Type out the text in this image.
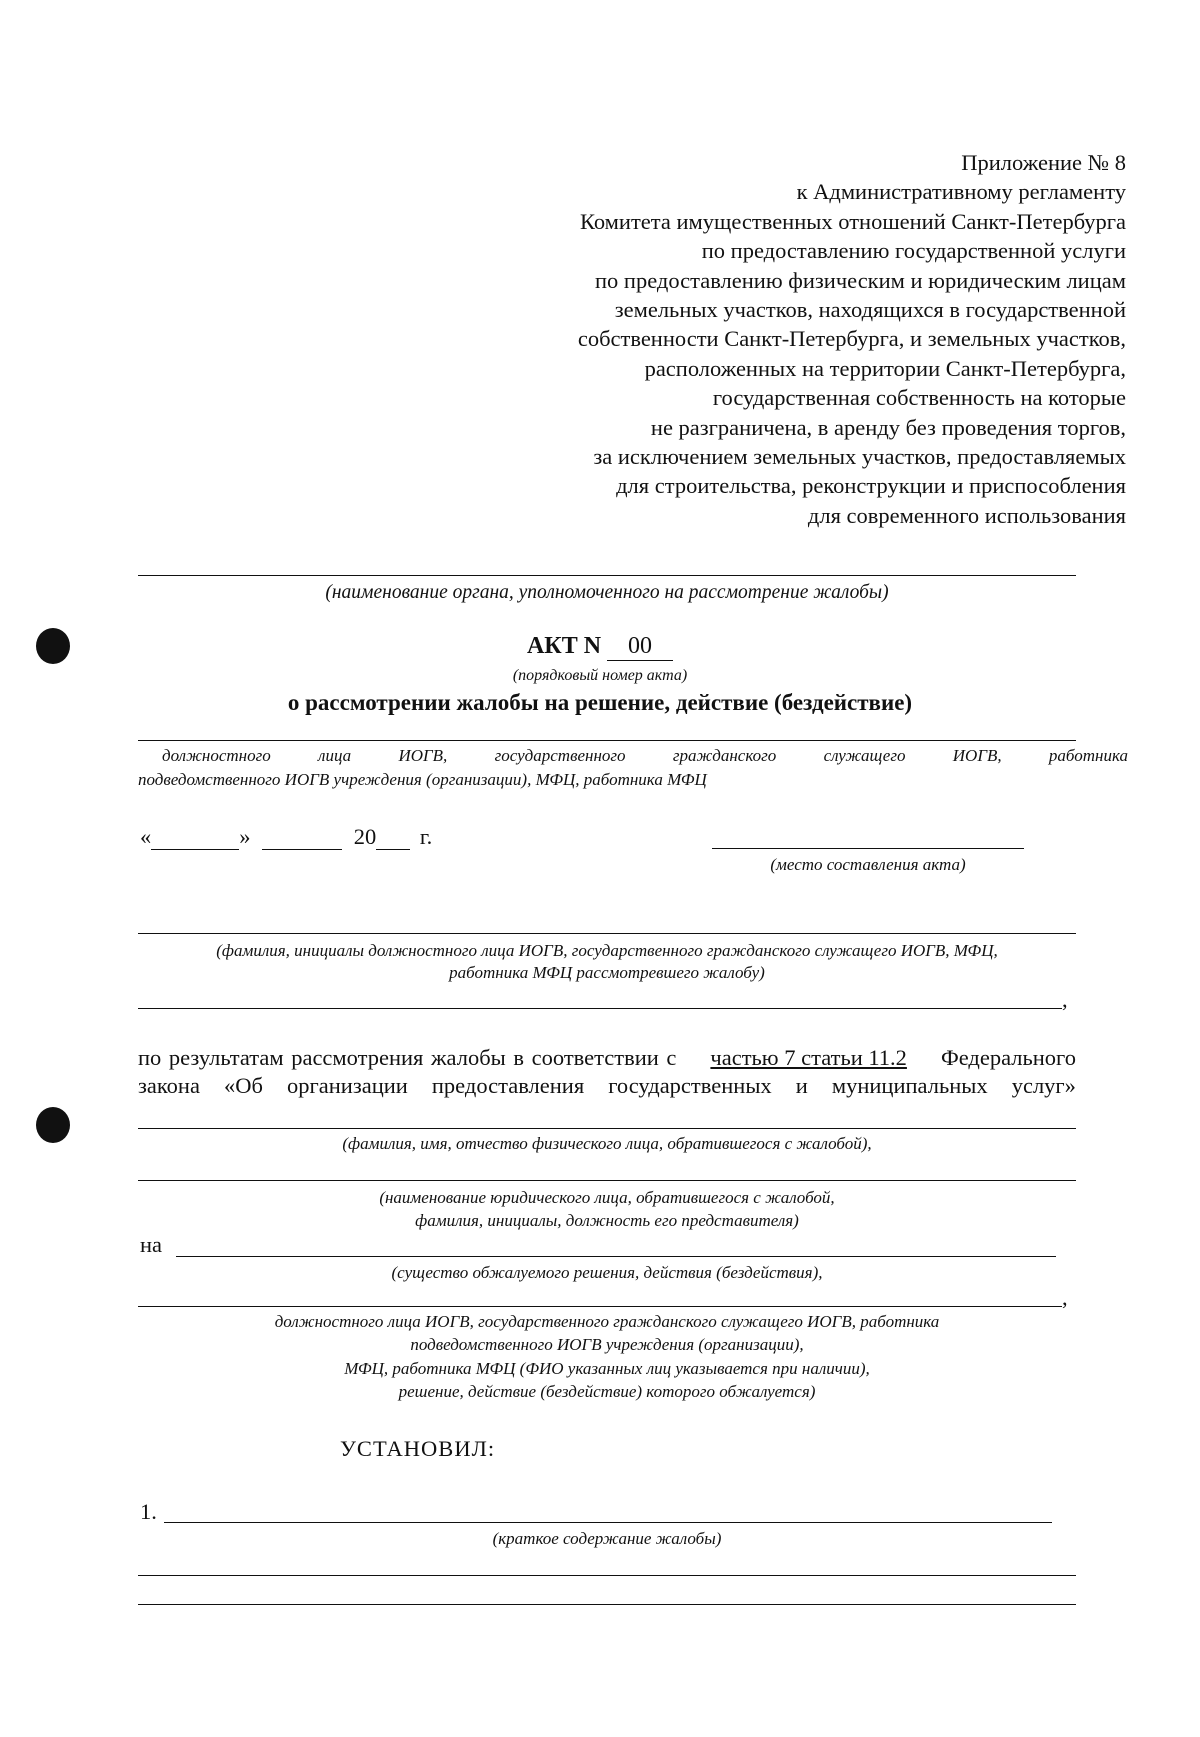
Приложение № 8
к Административному регламенту
Комитета имущественных отношений Санкт-Петербурга
по предоставлению государственной услуги
по предоставлению физическим и юридическим лицам
земельных участков, находящихся в государственной
собственности Санкт-Петербурга, и земельных участков,
расположенных на территории Санкт-Петербурга,
государственная собственность на которые
не разграничена, в аренду без проведения торгов,
за исключением земельных участков, предоставляемых
для строительства, реконструкции и приспособления
для современного использования
(наименование органа, уполномоченного на рассмотрение жалобы)
АКТ N 00
(порядковый номер акта)
о рассмотрении жалобы на решение, действие (бездействие)
должностного	лица	ИОГВ,	государственного	гражданского	служащего	ИОГВ,	работника
подведомственного ИОГВ учреждения (организации), МФЦ, работника МФЦ
«	»	20 г.
(место составления акта)
(фамилия, инициалы должностного лица ИОГВ, государственного гражданского служащего ИОГВ, МФЦ,
работника МФЦ рассмотревшего жалобу)
,
по результатам рассмотрения жалобы в соответствии с частью 7 статьи 11.2 Федерального
закона «Об организации предоставления государственных и муниципальных услуг»
(фамилия, имя, отчество физического лица, обратившегося с жалобой),
(наименование юридического лица, обратившегося с жалобой,
фамилия, инициалы, должность его представителя)
на
(существо обжалуемого решения, действия (бездействия),
,
должностного лица ИОГВ, государственного гражданского служащего ИОГВ, работника
подведомственного ИОГВ учреждения (организации),
МФЦ, работника МФЦ (ФИО указанных лиц указывается при наличии),
решение, действие (бездействие) которого обжалуется)
УСТАНОВИЛ:
1.
(краткое содержание жалобы)
